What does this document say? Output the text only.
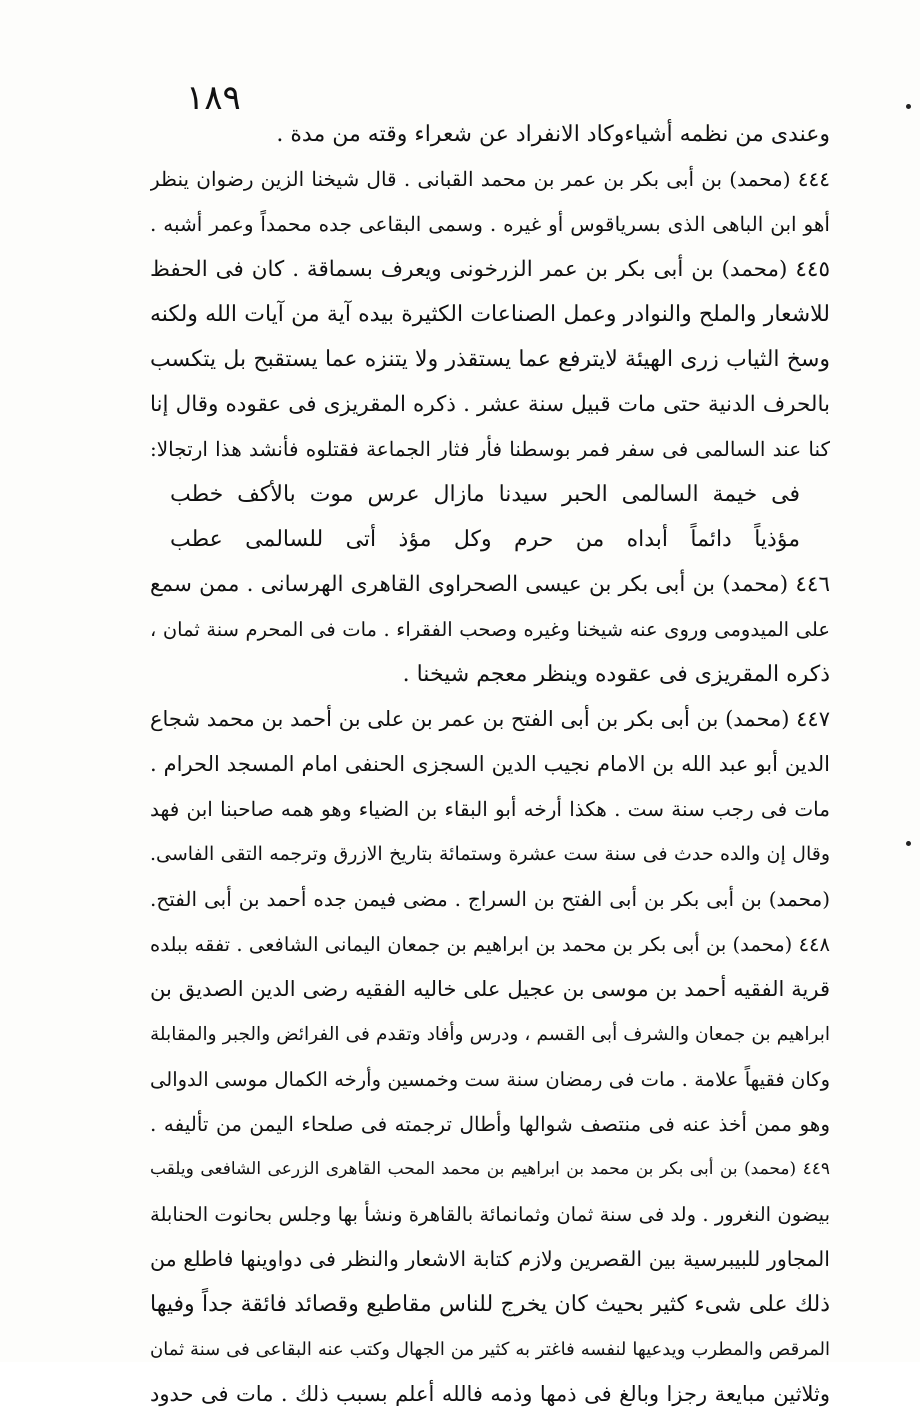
١٨٩
وعندى من نظمه أشياءوكاد الانفراد عن شعراء وقته من مدة .
٤٤٤ (محمد) بن أبى بكر بن عمر بن محمد القبانى . قال شيخنا الزين رضوان ينظر
أهو ابن الباهى الذى بسرياقوس أو غيره . وسمى البقاعى جده محمداً وعمر أشبه .
٤٤٥ (محمد) بن أبى بكر بن عمر الزرخونى ويعرف بسماقة . كان فى الحفظ
للاشعار والملح والنوادر وعمل الصناعات الكثيرة بيده آية من آيات الله ولكنه
وسخ الثياب زرى الهيئة لايترفع عما يستقذر ولا يتنزه عما يستقبح بل يتكسب
بالحرف الدنية حتى مات قبيل سنة عشر . ذكره المقريزى فى عقوده وقال إنا
كنا عند السالمى فى سفر فمر بوسطنا فأر فثار الجماعة فقتلوه فأنشد هذا ارتجالا:
فى خيمة السالمى الحبر سيدنا مازال عرس موت بالأكف خطب
مؤذياً دائماً أبداه من حرم وكل مؤذ أتى للسالمى عطب
٤٤٦ (محمد) بن أبى بكر بن عيسى الصحراوى القاهرى الهرسانى . ممن سمع
على الميدومى وروى عنه شيخنا وغيره وصحب الفقراء . مات فى المحرم سنة ثمان ،
ذكره المقريزى فى عقوده وينظر معجم شيخنا .
٤٤٧ (محمد) بن أبى بكر بن أبى الفتح بن عمر بن على بن أحمد بن محمد شجاع
الدين أبو عبد الله بن الامام نجيب الدين السجزى الحنفى امام المسجد الحرام .
مات فى رجب سنة ست . هكذا أرخه أبو البقاء بن الضياء وهو همه صاحبنا ابن فهد
وقال إن والده حدث فى سنة ست عشرة وستمائة بتاريخ الازرق وترجمه التقى الفاسى.
(محمد) بن أبى بكر بن أبى الفتح بن السراج . مضى فيمن جده أحمد بن أبى الفتح.
٤٤٨ (محمد) بن أبى بكر بن محمد بن ابراهيم بن جمعان اليمانى الشافعى . تفقه ببلده
قرية الفقيه أحمد بن موسى بن عجيل على خاليه الفقيه رضى الدين الصديق بن
ابراهيم بن جمعان والشرف أبى القسم ، ودرس وأفاد وتقدم فى الفرائض والجبر والمقابلة
وكان فقيهاً علامة . مات فى رمضان سنة ست وخمسين وأرخه الكمال موسى الدوالى
وهو ممن أخذ عنه فى منتصف شوالها وأطال ترجمته فى صلحاء اليمن من تأليفه .
٤٤٩ (محمد) بن أبى بكر بن محمد بن ابراهيم بن محمد المحب القاهرى الزرعى الشافعى ويلقب
بيضون النغرور . ولد فى سنة ثمان وثمانمائة بالقاهرة ونشأ بها وجلس بحانوت الحنابلة
المجاور للبيبرسية بين القصرين ولازم كتابة الاشعار والنظر فى دواوينها فاطلع من
ذلك على شىء كثير بحيث كان يخرج للناس مقاطيع وقصائد فائقة جداً وفيها
المرقص والمطرب ويدعيها لنفسه فاغتر به كثير من الجهال وكتب عنه البقاعى فى سنة ثمان
وثلاثين مبايعة رجزا وبالغ فى ذمها وذمه فالله أعلم بسبب ذلك . مات فى حدود
